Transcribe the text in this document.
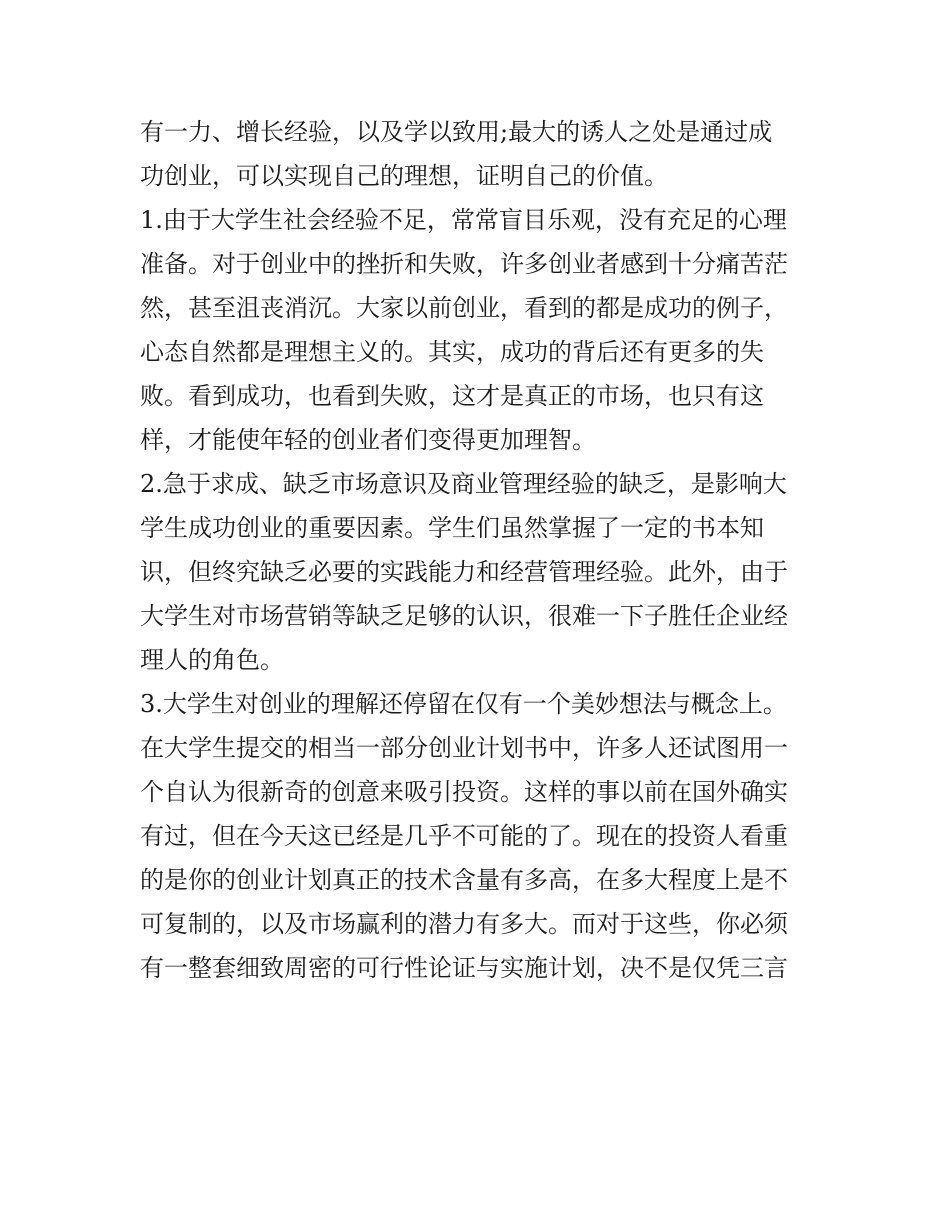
有一力、增长经验，以及学以致用;最大的诱人之处是通过成
功创业，可以实现自己的理想，证明自己的价值。
1.由于大学生社会经验不足，常常盲目乐观，没有充足的心理
准备。对于创业中的挫折和失败，许多创业者感到十分痛苦茫
然，甚至沮丧消沉。大家以前创业，看到的都是成功的例子，
心态自然都是理想主义的。其实，成功的背后还有更多的失
败。看到成功，也看到失败，这才是真正的市场，也只有这
样，才能使年轻的创业者们变得更加理智。
2.急于求成、缺乏市场意识及商业管理经验的缺乏，是影响大
学生成功创业的重要因素。学生们虽然掌握了一定的书本知
识，但终究缺乏必要的实践能力和经营管理经验。此外，由于
大学生对市场营销等缺乏足够的认识，很难一下子胜任企业经
理人的角色。
3.大学生对创业的理解还停留在仅有一个美妙想法与概念上。
在大学生提交的相当一部分创业计划书中，许多人还试图用一
个自认为很新奇的创意来吸引投资。这样的事以前在国外确实
有过，但在今天这已经是几乎不可能的了。现在的投资人看重
的是你的创业计划真正的技术含量有多高，在多大程度上是不
可复制的，以及市场赢利的潜力有多大。而对于这些，你必须
有一整套细致周密的可行性论证与实施计划，决不是仅凭三言
